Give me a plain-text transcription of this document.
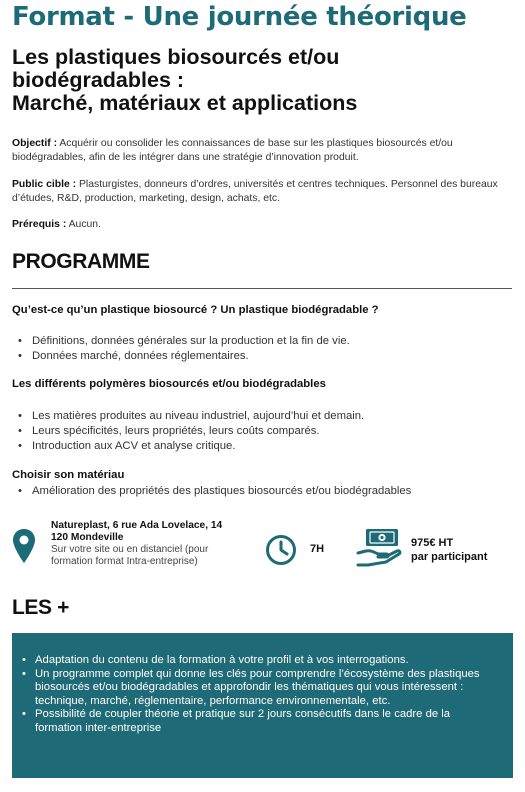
Format - Une journée théorique
Les plastiques biosourcés et/ou
biodégradables :
Marché, matériaux et applications

Objectif : Acquérir ou consolider les connaissances de base sur les plastiques biosourcés et/ou biodégradables, afin de les intégrer dans une stratégie d’innovation produit.

Public cible : Plasturgistes, donneurs d’ordres, universités et centres techniques. Personnel des bureaux d’études, R&D, production, marketing, design, achats, etc.

Prérequis : Aucun.

PROGRAMME
Qu’est-ce qu’un plastique biosourcé ? Un plastique biodégradable ?
• Définitions, données générales sur la production et la fin de vie.
• Données marché, données réglementaires.
Les différents polymères biosourcés et/ou biodégradables
• Les matières produites au niveau industriel, aujourd’hui et demain.
• Leurs spécificités, leurs propriétés, leurs coûts comparés.
• Introduction aux ACV et analyse critique.
Choisir son matériau
• Amélioration des propriétés des plastiques biosourcés et/ou biodégradables
Natureplast, 6 rue Ada Lovelace, 14
120 Mondeville
Sur votre site ou en distanciel (pour formation format Intra-entreprise)
7H	975€ HT
par participant
LES +
• Adaptation du contenu de la formation à votre profil et à vos interrogations.
• Un programme complet qui donne les clés pour comprendre l’écosystème des plastiques biosourcés et/ou biodégradables et approfondir les thématiques qui vous intéressent : technique, marché, réglementaire, performance environnementale, etc.
• Possibilité de coupler théorie et pratique sur 2 jours consécutifs dans le cadre de la formation inter-entreprise
